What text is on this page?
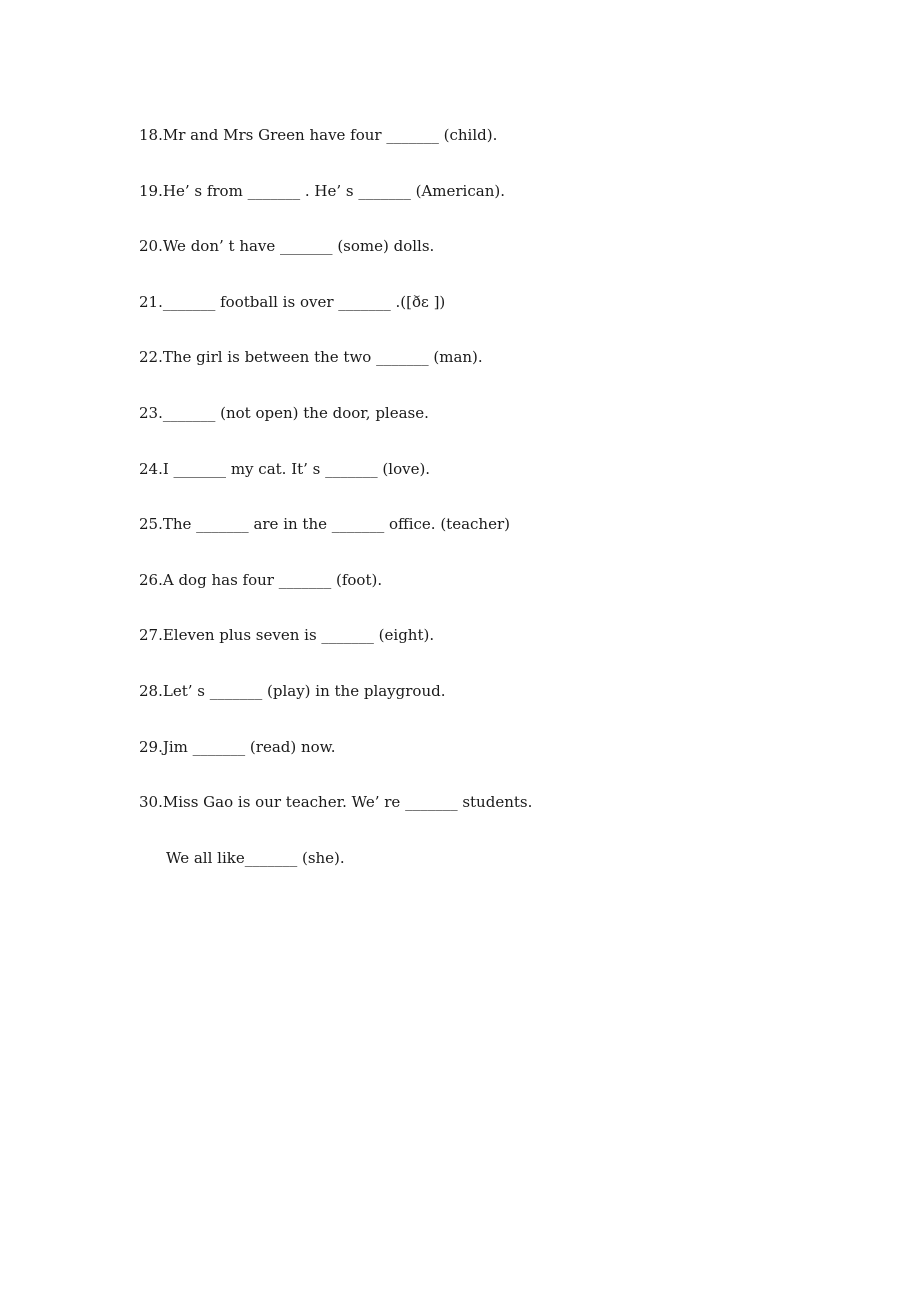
18.Mr and Mrs Green have four _______ (child).
19.He’ s from _______ . He’ s _______ (American).
20.We don’ t have _______ (some) dolls.
21._______ football is over _______ .([ðɛ ])
22.The girl is between the two _______ (man).
23._______ (not open) the door, please.
24.I _______ my cat. It’ s _______ (love).
25.The _______ are in the _______ office. (teacher)
26.A dog has four _______ (foot).
27.Eleven plus seven is _______ (eight).
28.Let’ s _______ (play) in the playgroud.
29.Jim _______ (read) now.
30.Miss Gao is our teacher. We’ re _______ students.
We all like_______ (she).
